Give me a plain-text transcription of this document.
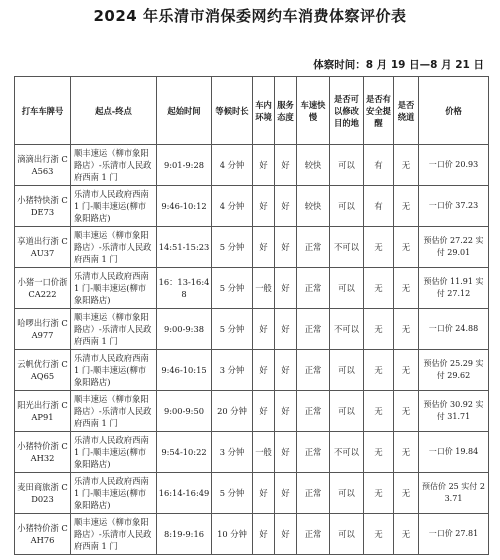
2024 年乐清市消保委网约车消费体察评价表
体察时间：8 月 19 日—8 月 21 日
打车车牌号	起点-终点	起始时间	等候时长	车内环境	服务态度	车速快慢	是否可以修改目的地	是否有安全提醒	是否绕道	价格
滴滴出行浙 CA563	顺丰速运（柳市象阳路店）-乐清市人民政府西南 1 门	9:01-9:28	4 分钟	好	好	较快	可以	有	无	一口价 20.93
小猪特快浙 CDE73	乐清市人民政府西南 1 门-顺丰速运(柳市象阳路店)	9:46-10:12	4 分钟	好	好	较快	可以	有	无	一口价 37.23
享道出行浙 CAU37	顺丰速运（柳市象阳路店）-乐清市人民政府西南 1 门	14:51-15:23	5 分钟	好	好	正常	不可以	无	无	预估价 27.22 实付 29.01
小猪一口价浙 CA222	乐清市人民政府西南 1 门-顺丰速运(柳市象阳路店)	16：13-16:48	5 分钟	一般	好	正常	可以	无	无	预估价 11.91 实付 27.12
哈啰出行浙 CA977	顺丰速运（柳市象阳路店）-乐清市人民政府西南 1 门	9:00-9:38	5 分钟	好	好	正常	不可以	无	无	一口价 24.88
云帆优行浙 CAQ65	乐清市人民政府西南 1 门-顺丰速运(柳市象阳路店)	9:46-10:15	3 分钟	好	好	正常	可以	无	无	预估价 25.29 实付 29.62
阳光出行浙 CAP91	顺丰速运（柳市象阳路店）-乐清市人民政府西南 1 门	9:00-9:50	20 分钟	好	好	正常	可以	无	无	预估价 30.92 实付 31.71
小猪特价浙 CAH32	乐清市人民政府西南 1 门-顺丰速运(柳市象阳路店)	9:54-10:22	3 分钟	一般	好	正常	不可以	无	无	一口价 19.84
麦田商旅浙 CD023	乐清市人民政府西南 1 门-顺丰速运(柳市象阳路店)	16:14-16:49	5 分钟	好	好	正常	可以	无	无	预估价 25 实付 23.71
小猪特价浙 CAH76	顺丰速运（柳市象阳路店）-乐清市人民政府西南 1 门	8:19-9:16	10 分钟	好	好	正常	可以	无	无	一口价 27.81
